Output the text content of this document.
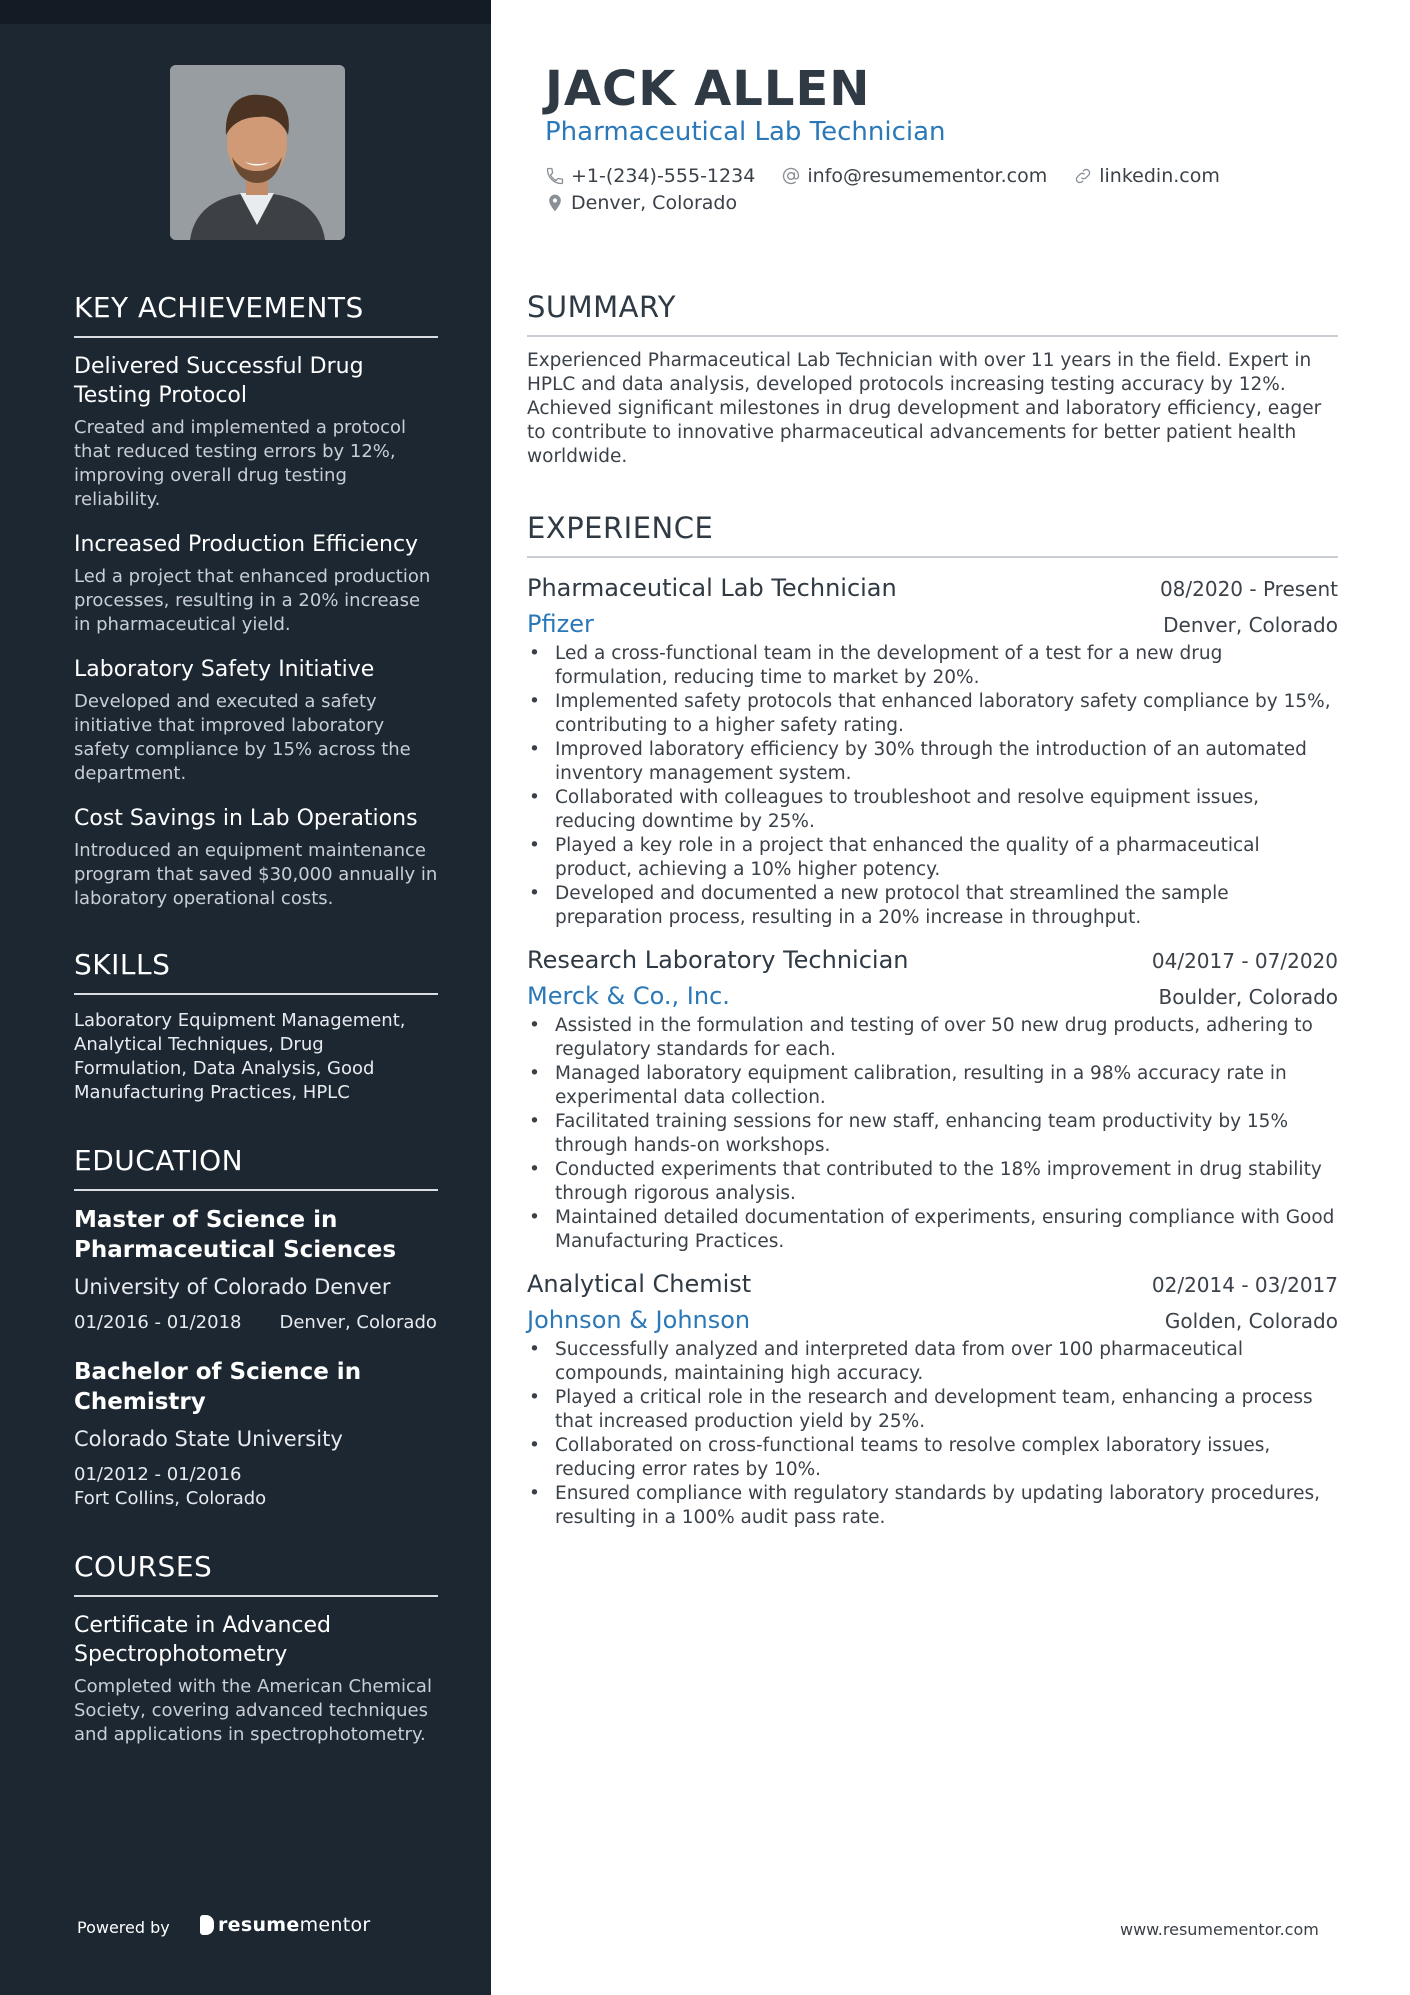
KEY ACHIEVEMENTS
Delivered Successful Drug Testing Protocol
Created and implemented a protocol that reduced testing errors by 12%, improving overall drug testing reliability.
Increased Production Efficiency
Led a project that enhanced production processes, resulting in a 20% increase in pharmaceutical yield.
Laboratory Safety Initiative
Developed and executed a safety initiative that improved laboratory safety compliance by 15% across the department.
Cost Savings in Lab Operations
Introduced an equipment maintenance program that saved $30,000 annually in laboratory operational costs.
SKILLS
Laboratory Equipment Management, Analytical Techniques, Drug Formulation, Data Analysis, Good Manufacturing Practices, HPLC
EDUCATION
Master of Science in Pharmaceutical Sciences
University of Colorado Denver
01/2016 - 01/2018 Denver, Colorado
Bachelor of Science in Chemistry
Colorado State University
01/2012 - 01/2016
Fort Collins, Colorado
COURSES
Certificate in Advanced Spectrophotometry
Completed with the American Chemical Society, covering advanced techniques and applications in spectrophotometry.
Powered by	resumementor
JACK ALLEN
Pharmaceutical Lab Technician
+1-(234)-555-1234	info@resumementor.com	linkedin.com

Denver, Colorado
SUMMARY
Experienced Pharmaceutical Lab Technician with over 11 years in the field. Expert in HPLC and data analysis, developed protocols increasing testing accuracy by 12%. Achieved significant milestones in drug development and laboratory efficiency, eager to contribute to innovative pharmaceutical advancements for better patient health worldwide.
EXPERIENCE
Pharmaceutical Lab Technician	08/2020 - Present
Pfizer	Denver, Colorado
• Led a cross-functional team in the development of a test for a new drug formulation, reducing time to market by 20%.
• Implemented safety protocols that enhanced laboratory safety compliance by 15%, contributing to a higher safety rating.
• Improved laboratory efficiency by 30% through the introduction of an automated inventory management system.
• Collaborated with colleagues to troubleshoot and resolve equipment issues, reducing downtime by 25%.
• Played a key role in a project that enhanced the quality of a pharmaceutical product, achieving a 10% higher potency.
• Developed and documented a new protocol that streamlined the sample preparation process, resulting in a 20% increase in throughput.
Research Laboratory Technician	04/2017 - 07/2020
Merck & Co., Inc.	Boulder, Colorado
• Assisted in the formulation and testing of over 50 new drug products, adhering to regulatory standards for each.
• Managed laboratory equipment calibration, resulting in a 98% accuracy rate in experimental data collection.
• Facilitated training sessions for new staff, enhancing team productivity by 15% through hands-on workshops.
• Conducted experiments that contributed to the 18% improvement in drug stability through rigorous analysis.
• Maintained detailed documentation of experiments, ensuring compliance with Good Manufacturing Practices.
Analytical Chemist	02/2014 - 03/2017
Johnson & Johnson	Golden, Colorado
• Successfully analyzed and interpreted data from over 100 pharmaceutical compounds, maintaining high accuracy.
• Played a critical role in the research and development team, enhancing a process that increased production yield by 25%.
• Collaborated on cross-functional teams to resolve complex laboratory issues, reducing error rates by 10%.
• Ensured compliance with regulatory standards by updating laboratory procedures, resulting in a 100% audit pass rate.
www.resumementor.com
